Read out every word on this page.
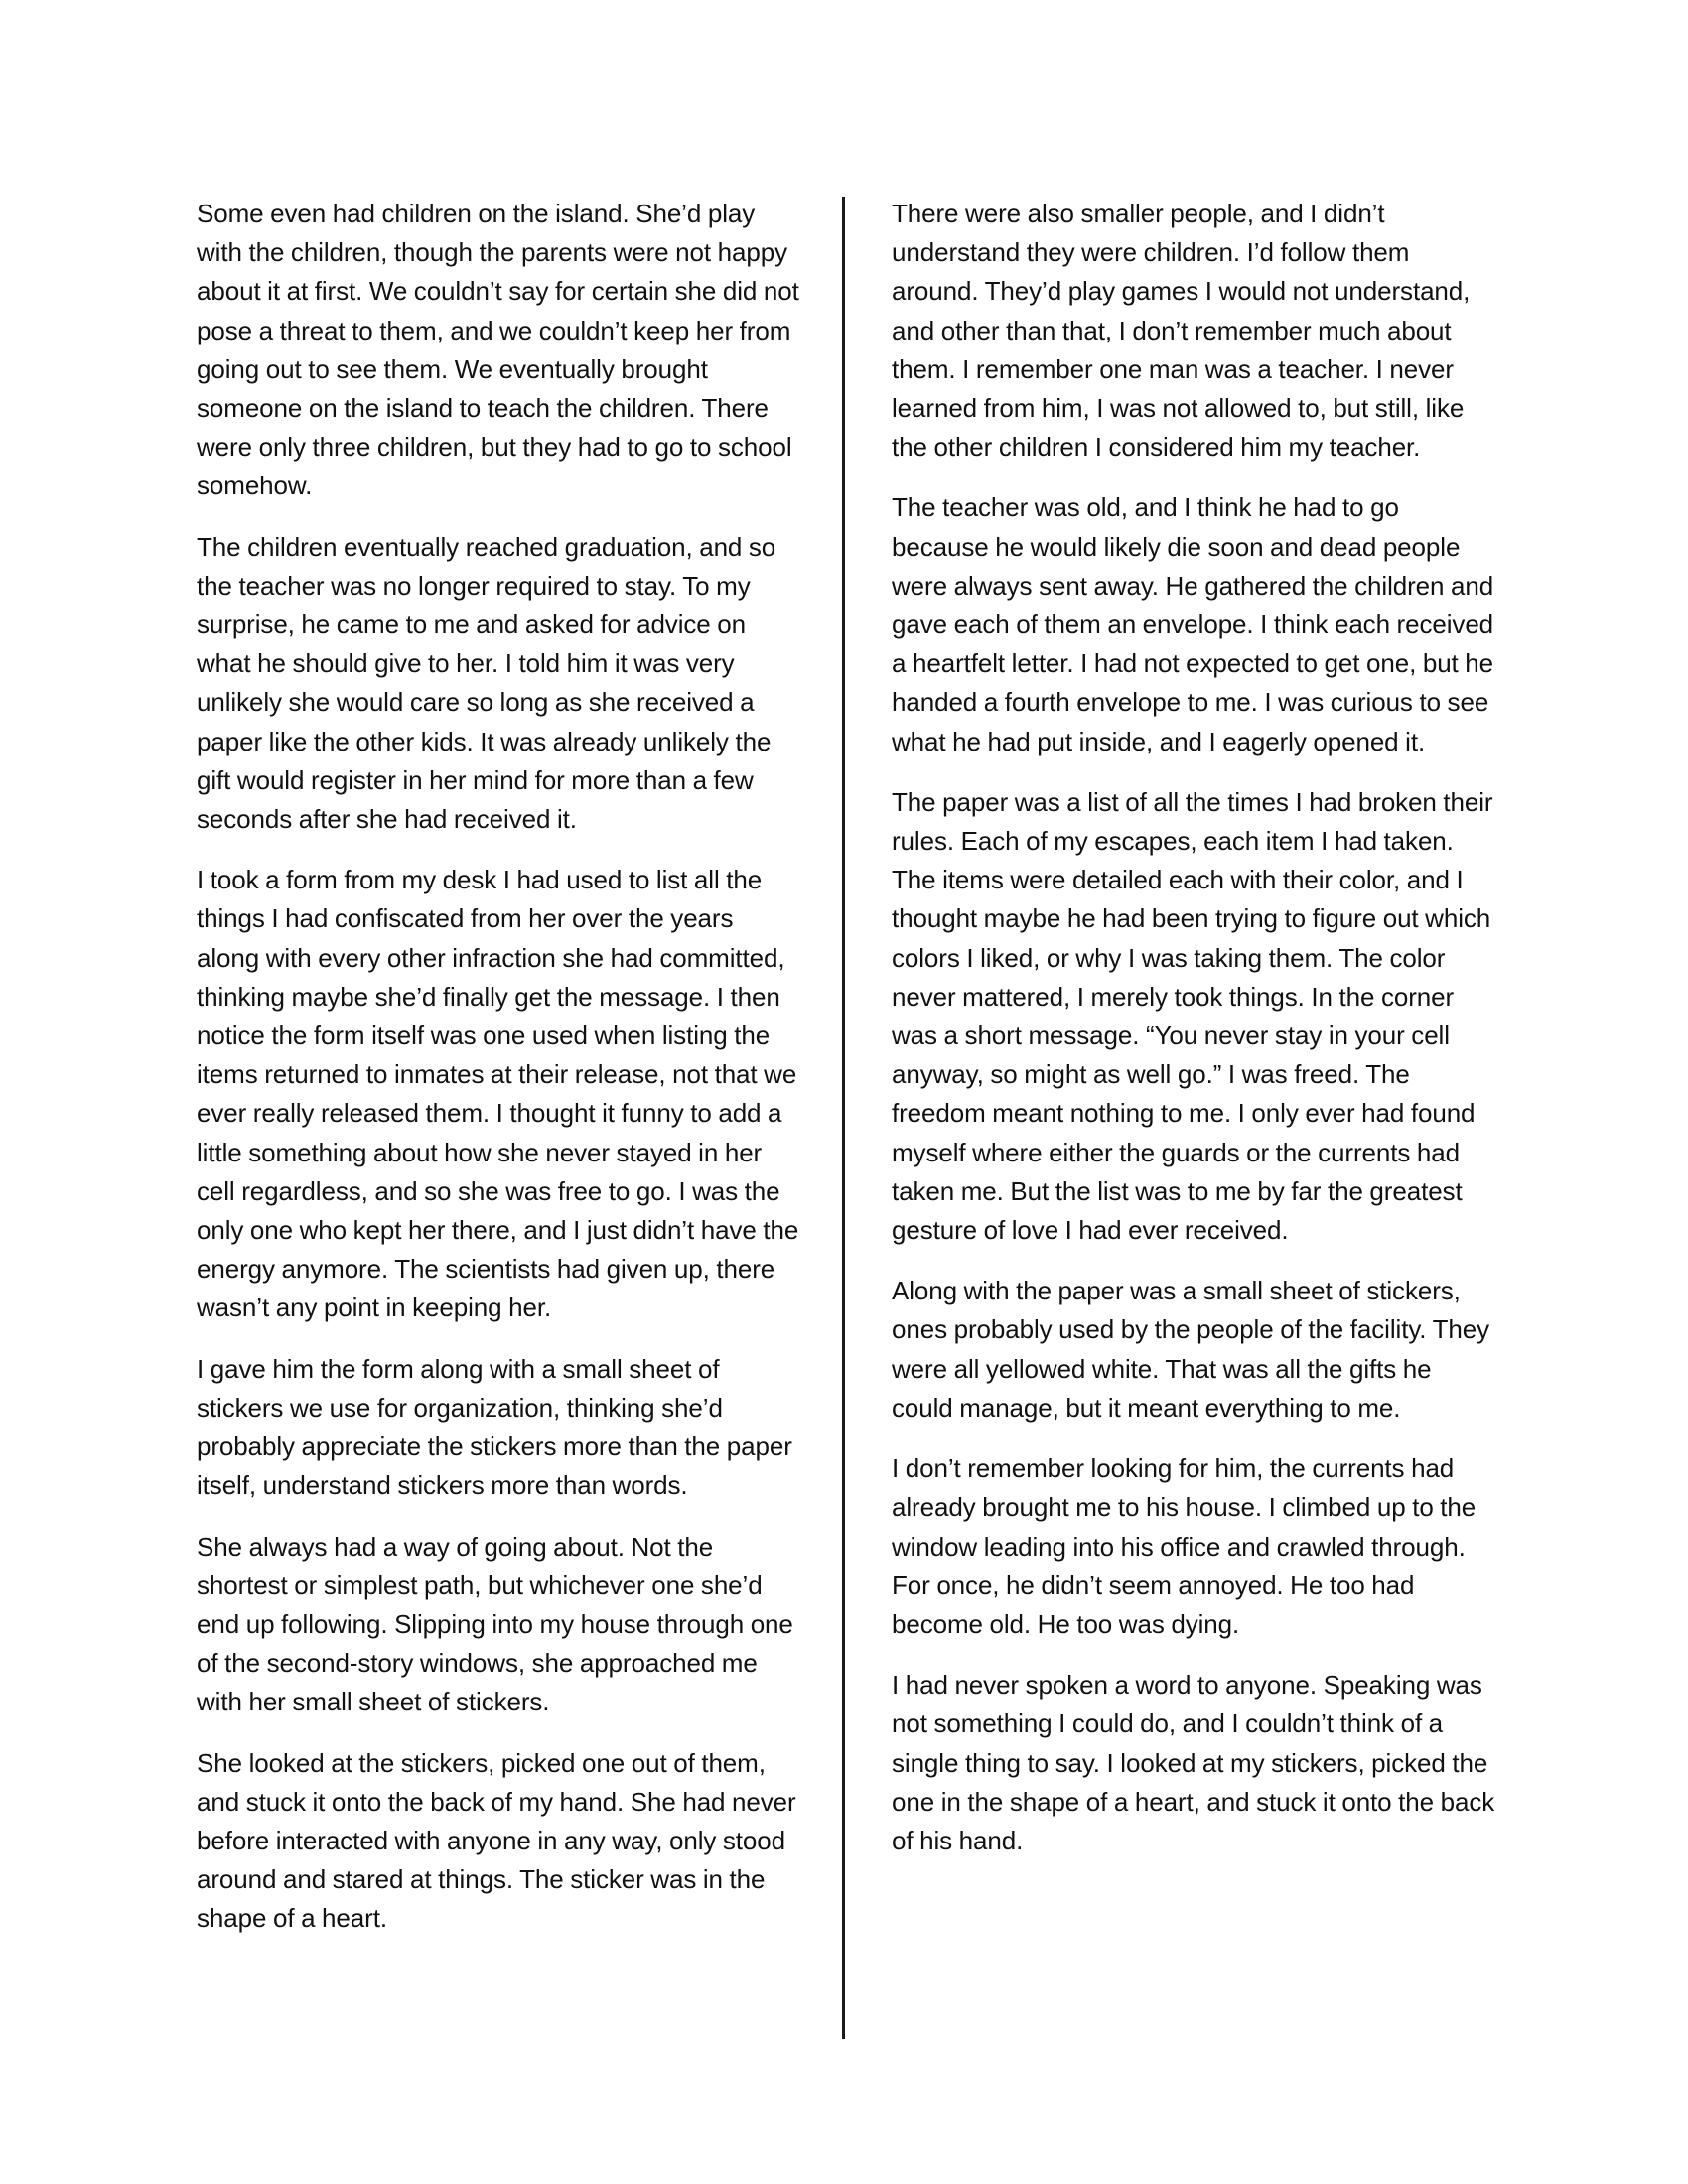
Some even had children on the island. She’d play with the children, though the parents were not happy about it at first. We couldn’t say for certain she did not pose a threat to them, and we couldn’t keep her from going out to see them. We eventually brought someone on the island to teach the children. There were only three children, but they had to go to school somehow.

The children eventually reached graduation, and so the teacher was no longer required to stay. To my surprise, he came to me and asked for advice on what he should give to her. I told him it was very unlikely she would care so long as she received a paper like the other kids. It was already unlikely the gift would register in her mind for more than a few seconds after she had received it.

I took a form from my desk I had used to list all the things I had confiscated from her over the years along with every other infraction she had committed, thinking maybe she’d finally get the message. I then notice the form itself was one used when listing the items returned to inmates at their release, not that we ever really released them. I thought it funny to add a little something about how she never stayed in her cell regardless, and so she was free to go. I was the only one who kept her there, and I just didn’t have the energy anymore. The scientists had given up, there wasn’t any point in keeping her.

I gave him the form along with a small sheet of stickers we use for organization, thinking she’d probably appreciate the stickers more than the paper itself, understand stickers more than words.

She always had a way of going about. Not the shortest or simplest path, but whichever one she’d end up following. Slipping into my house through one of the second-story windows, she approached me with her small sheet of stickers.

She looked at the stickers, picked one out of them, and stuck it onto the back of my hand. She had never before interacted with anyone in any way, only stood around and stared at things. The sticker was in the shape of a heart.

There were also smaller people, and I didn’t understand they were children. I’d follow them around. They’d play games I would not understand, and other than that, I don’t remember much about them. I remember one man was a teacher. I never learned from him, I was not allowed to, but still, like the other children I considered him my teacher.

The teacher was old, and I think he had to go because he would likely die soon and dead people were always sent away. He gathered the children and gave each of them an envelope. I think each received a heartfelt letter. I had not expected to get one, but he handed a fourth envelope to me. I was curious to see what he had put inside, and I eagerly opened it.

The paper was a list of all the times I had broken their rules. Each of my escapes, each item I had taken. The items were detailed each with their color, and I thought maybe he had been trying to figure out which colors I liked, or why I was taking them. The color never mattered, I merely took things. In the corner was a short message. “You never stay in your cell anyway, so might as well go.” I was freed. The freedom meant nothing to me. I only ever had found myself where either the guards or the currents had taken me. But the list was to me by far the greatest gesture of love I had ever received.

Along with the paper was a small sheet of stickers, ones probably used by the people of the facility. They were all yellowed white. That was all the gifts he could manage, but it meant everything to me.

I don’t remember looking for him, the currents had already brought me to his house. I climbed up to the window leading into his office and crawled through. For once, he didn’t seem annoyed. He too had become old. He too was dying.

I had never spoken a word to anyone. Speaking was not something I could do, and I couldn’t think of a single thing to say. I looked at my stickers, picked the one in the shape of a heart, and stuck it onto the back of his hand.
